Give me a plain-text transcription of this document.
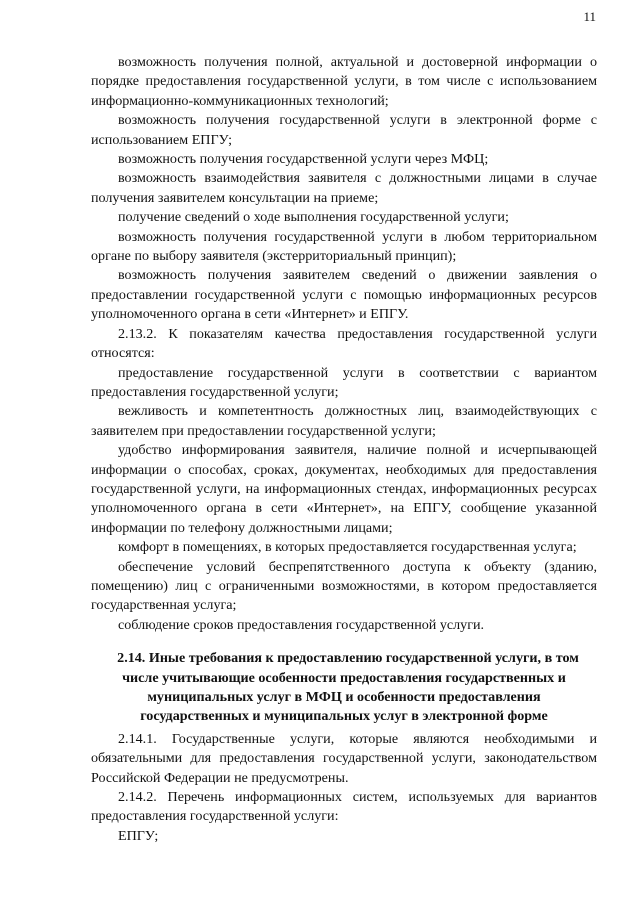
11

возможность получения полной, актуальной и достоверной информации о порядке предоставления государственной услуги, в том числе с использованием информационно-коммуникационных технологий;

возможность получения государственной услуги в электронной форме с использованием ЕПГУ;

возможность получения государственной услуги через МФЦ;

возможность взаимодействия заявителя с должностными лицами в случае получения заявителем консультации на приеме;

получение сведений о ходе выполнения государственной услуги;

возможность получения государственной услуги в любом территориальном органе по выбору заявителя (экстерриториальный принцип);

возможность получения заявителем сведений о движении заявления о предоставлении государственной услуги с помощью информационных ресурсов уполномоченного органа в сети «Интернет» и ЕПГУ.

2.13.2. К показателям качества предоставления государственной услуги относятся:

предоставление государственной услуги в соответствии с вариантом предоставления государственной услуги;

вежливость и компетентность должностных лиц, взаимодействующих с заявителем при предоставлении государственной услуги;

удобство информирования заявителя, наличие полной и исчерпывающей информации о способах, сроках, документах, необходимых для предоставления государственной услуги, на информационных стендах, информационных ресурсах уполномоченного органа в сети «Интернет», на ЕПГУ, сообщение указанной информации по телефону должностными лицами;

комфорт в помещениях, в которых предоставляется государственная услуга;

обеспечение условий беспрепятственного доступа к объекту (зданию, помещению) лиц с ограниченными возможностями, в котором предоставляется государственная услуга;

соблюдение сроков предоставления государственной услуги.

2.14. Иные требования к предоставлению государственной услуги, в том числе учитывающие особенности предоставления государственных и муниципальных услуг в МФЦ и особенности предоставления государственных и муниципальных услуг в электронной форме

2.14.1. Государственные услуги, которые являются необходимыми и обязательными для предоставления государственной услуги, законодательством Российской Федерации не предусмотрены.

2.14.2. Перечень информационных систем, используемых для вариантов предоставления государственной услуги:

ЕПГУ;
